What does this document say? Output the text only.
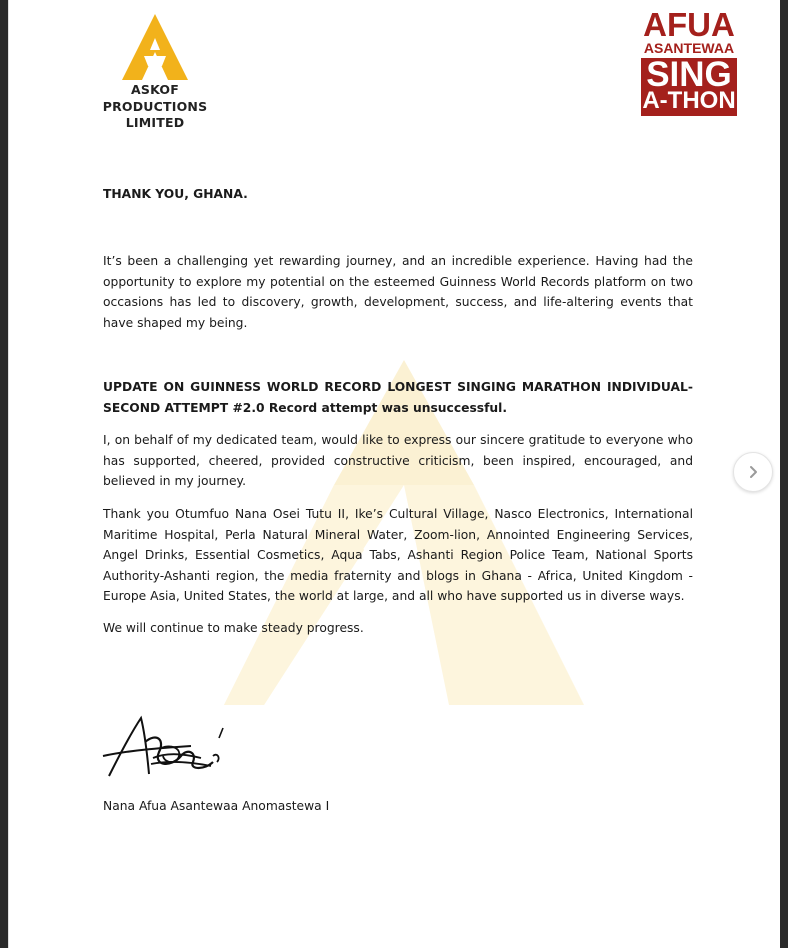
ASKOF
PRODUCTIONS
LIMITED
AFUA
ASANTEWAA
SING
A-THON
THANK YOU, GHANA.
It’s been a challenging yet rewarding journey, and an incredible experience. Having had the opportunity to explore my potential on the esteemed Guinness World Records platform on two occasions has led to discovery, growth, development, success, and life-altering events that have shaped my being.
UPDATE ON GUINNESS WORLD RECORD LONGEST SINGING MARATHON INDIVIDUAL- SECOND ATTEMPT #2.0 Record attempt was unsuccessful.
I, on behalf of my dedicated team, would like to express our sincere gratitude to everyone who has supported, cheered, provided constructive criticism, been inspired, encouraged, and believed in my journey.
Thank you Otumfuo Nana Osei Tutu II, Ike’s Cultural Village, Nasco Electronics, International Maritime Hospital, Perla Natural Mineral Water, Zoom-lion, Annointed Engineering Services, Angel Drinks, Essential Cosmetics, Aqua Tabs, Ashanti Region Police Team, National Sports Authority-Ashanti region, the media fraternity and blogs in Ghana - Africa, United Kingdom - Europe Asia, United States, the world at large, and all who have supported us in diverse ways.
We will continue to make steady progress.
Nana Afua Asantewaa Anomastewa I
